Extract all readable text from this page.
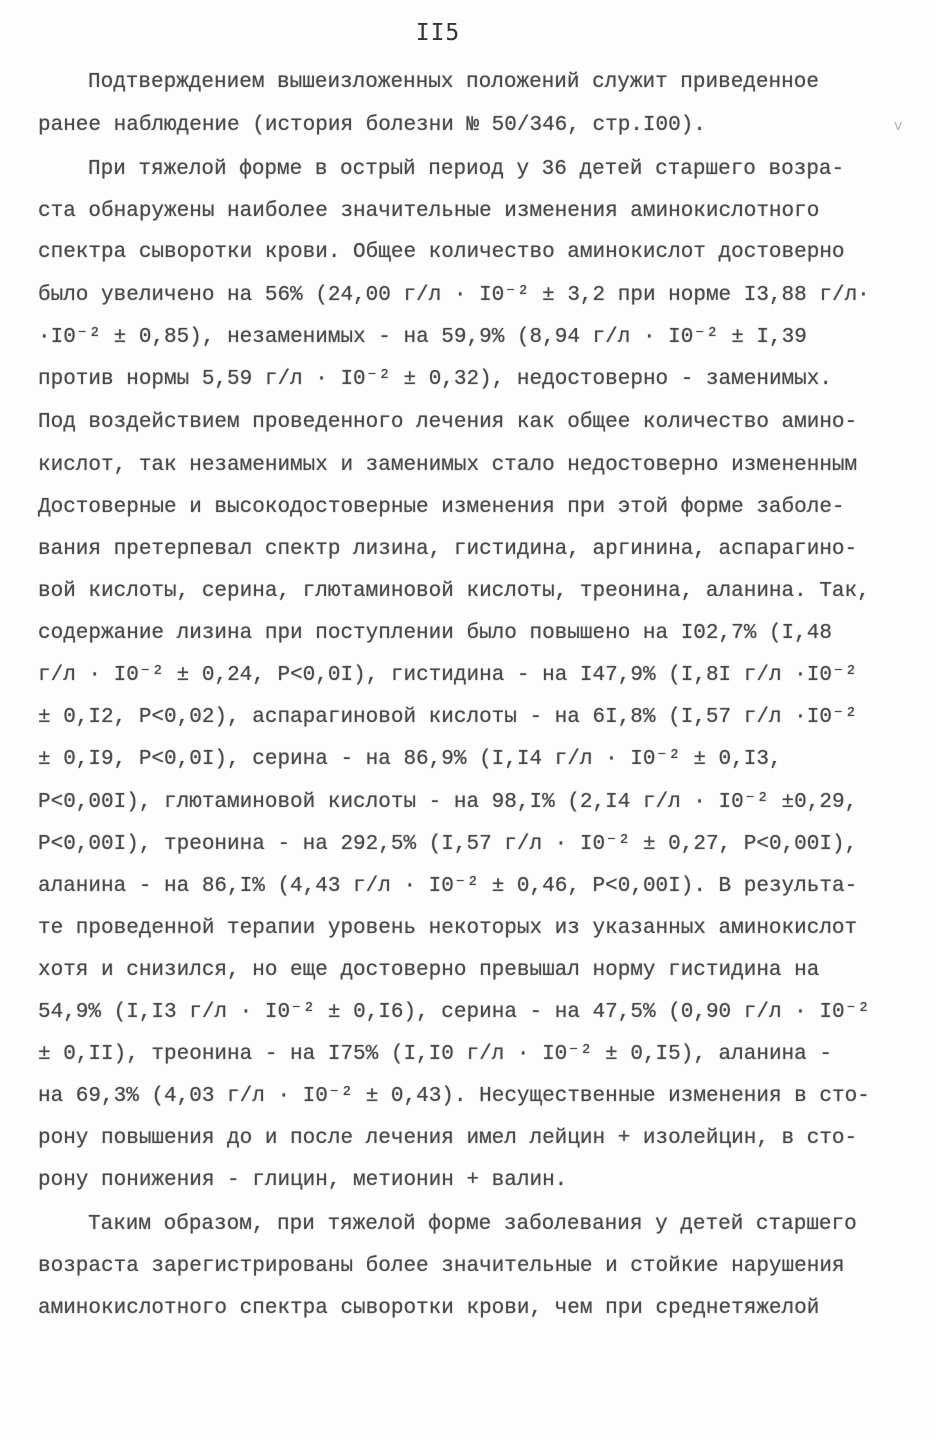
II5
v
Подтверждением вышеизложенных положений служит приведенное
ранее наблюдение (история болезни № 50/346, стр.I00).
При тяжелой форме в острый период у 36 детей старшего возра-
ста обнаружены наиболее значительные изменения аминокислотного
спектра сыворотки крови. Общее количество аминокислот достоверно
было увеличено на 56% (24,00 г/л · I0⁻² ± 3,2 при норме I3,88 г/л·
·I0⁻² ± 0,85), незаменимых - на 59,9% (8,94 г/л · I0⁻² ± I,39
против нормы 5,59 г/л · I0⁻² ± 0,32), недостоверно - заменимых.
Под воздействием проведенного лечения как общее количество амино-
кислот, так незаменимых и заменимых стало недостоверно измененным
Достоверные и высокодостоверные изменения при этой форме заболе-
вания претерпевал спектр лизина, гистидина, аргинина, аспарагино-
вой кислоты, серина, глютаминовой кислоты, треонина, аланина. Так,
содержание лизина при поступлении было повышено на I02,7% (I,48
г/л · I0⁻² ± 0,24, Р<0,0I), гистидина - на I47,9% (I,8I г/л ·I0⁻²
± 0,I2, Р<0,02), аспарагиновой кислоты - на 6I,8% (I,57 г/л ·I0⁻²
± 0,I9, Р<0,0I), серина - на 86,9% (I,I4 г/л · I0⁻² ± 0,I3,
Р<0,00I), глютаминовой кислоты - на 98,I% (2,I4 г/л · I0⁻² ±0,29,
Р<0,00I), треонина - на 292,5% (I,57 г/л · I0⁻² ± 0,27, Р<0,00I),
аланина - на 86,I% (4,43 г/л · I0⁻² ± 0,46, Р<0,00I). В результа-
те проведенной терапии уровень некоторых из указанных аминокислот
хотя и снизился, но еще достоверно превышал норму гистидина на
54,9% (I,I3 г/л · I0⁻² ± 0,I6), серина - на 47,5% (0,90 г/л · I0⁻²
± 0,II), треонина - на I75% (I,I0 г/л · I0⁻² ± 0,I5), аланина -
на 69,3% (4,03 г/л · I0⁻² ± 0,43). Несущественные изменения в сто-
рону повышения до и после лечения имел лейцин + изолейцин, в сто-
рону понижения - глицин, метионин + валин.
Таким образом, при тяжелой форме заболевания у детей старшего
возраста зарегистрированы более значительные и стойкие нарушения
аминокислотного спектра сыворотки крови, чем при среднетяжелой
